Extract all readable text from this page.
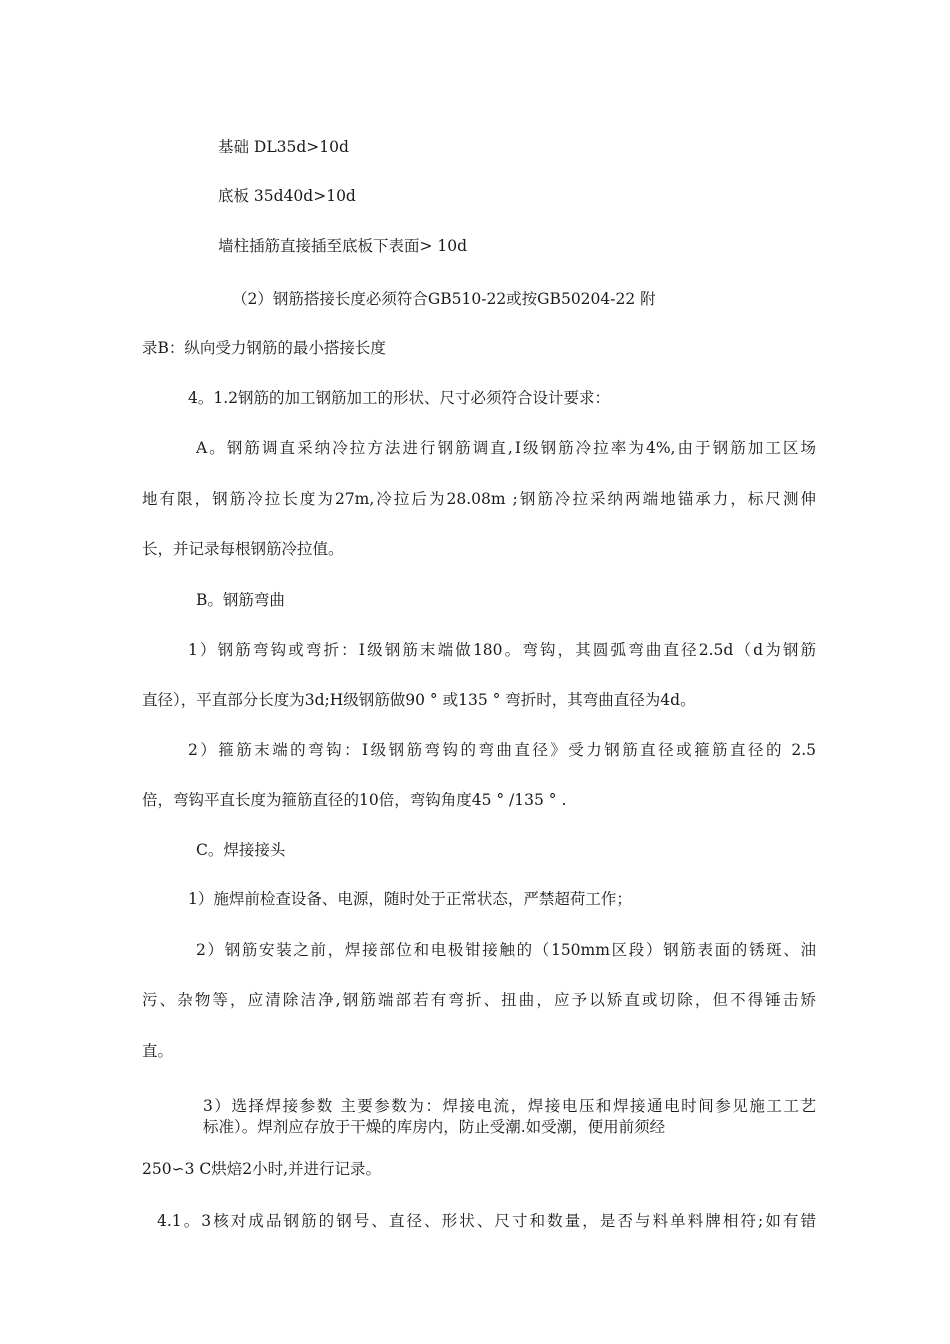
基础 DL35d>10d
底板 35d40d>10d
墙柱插筋直接插至底板下表面> 10d
（2）钢筋搭接长度必须符合GB510-22或按GB50204-22 附
录B：纵向受力钢筋的最小搭接长度
4。1.2钢筋的加工钢筋加工的形状、尺寸必须符合设计要求：
A。钢筋调直采纳冷拉方法进行钢筋调直,Ⅰ级钢筋冷拉率为4%,由于钢筋加工区场
地有限，钢筋冷拉长度为27m,冷拉后为28.08m ;钢筋冷拉采纳两端地锚承力，标尺测伸
长，并记录每根钢筋冷拉值。
B。钢筋弯曲
1）钢筋弯钩或弯折：Ⅰ级钢筋末端做180。弯钩，其圆弧弯曲直径2.5d（d为钢筋
直径），平直部分长度为3d;H级钢筋做90 ° 或135 ° 弯折时，其弯曲直径为4d。
2）箍筋末端的弯钩：Ⅰ级钢筋弯钩的弯曲直径》受力钢筋直径或箍筋直径的 2.5
倍，弯钩平直长度为箍筋直径的10倍，弯钩角度45 ° /135 ° .
C。焊接接头
1）施焊前检查设备、电源，随时处于正常状态，严禁超荷工作；
2）钢筋安装之前，焊接部位和电极钳接触的（150mm区段）钢筋表面的锈斑、油
污、杂物等，应清除洁净,钢筋端部若有弯折、扭曲，应予以矫直或切除，但不得锤击矫
直。
3）选择焊接参数 主要参数为：焊接电流，焊接电压和焊接通电时间参见施工工艺
标准）。焊剂应存放于干燥的库房内，防止受潮.如受潮，便用前须经
250∽3 C烘焙2小时,并进行记录。
4.1。3核对成品钢筋的钢号、直径、形状、尺寸和数量，是否与料单料牌相符;如有错
